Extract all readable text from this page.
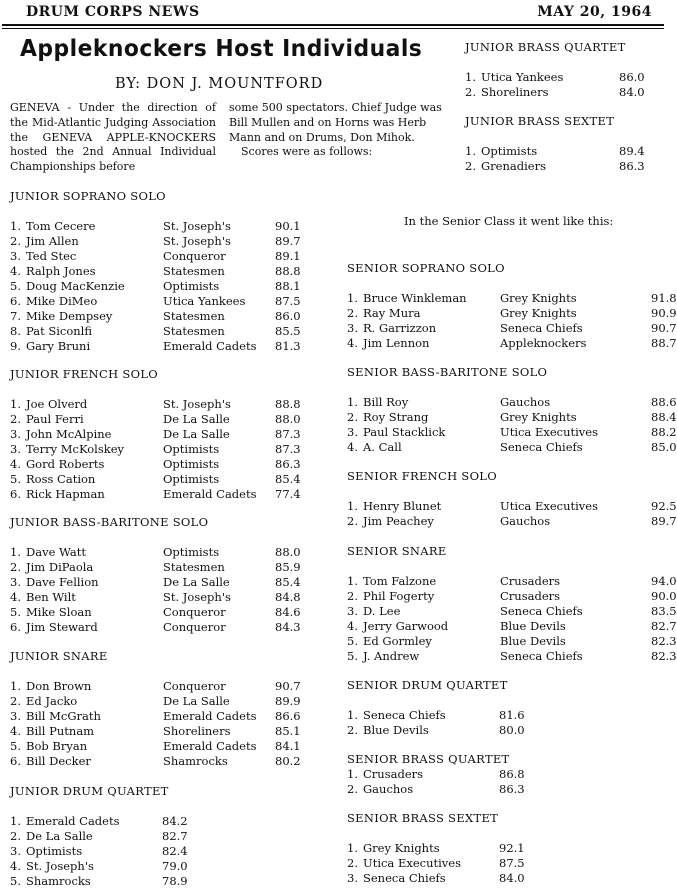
DRUM CORPS NEWS	MAY 20, 1964
Appleknockers Host Individuals
BY: DON J. MOUNTFORD
GENEVA - Under the direction of the Mid-Atlantic Judging Association the GENEVA APPLE-KNOCKERS hosted the 2nd Annual Individual Championships before
some 500 spectators. Chief Judge was Bill Mullen and on Horns was Herb Mann and on Drums, Don Mihok.
Scores were as follows:
In the Senior Class it went like this:
JUNIOR BRASS QUARTET
1. Utica Yankees	86.0
2. Shoreliners	84.0
JUNIOR BRASS SEXTET
1. Optimists	89.4
2. Grenadiers	86.3
JUNIOR SOPRANO SOLO
1. Tom Cecere	St. Joseph's	90.1
2. Jim Allen	St. Joseph's	89.7
3. Ted Stec	Conqueror	89.1
4. Ralph Jones	Statesmen	88.8
5. Doug MacKenzie	Optimists	88.1
6. Mike DiMeo	Utica Yankees	87.5
7. Mike Dempsey	Statesmen	86.0
8. Pat Siconlfi	Statesmen	85.5
9. Gary Bruni	Emerald Cadets 81.3
JUNIOR FRENCH SOLO
1. Joe Olverd	St. Joseph's	88.8
2. Paul Ferri	De La Salle	88.0
3. John McAlpine	De La Salle	87.3
3. Terry McKolskey	Optimists	87.3
4. Gord Roberts	Optimists	86.3
5. Ross Cation	Optimists	85.4
6. Rick Hapman	Emerald Cadets 77.4
JUNIOR BASS-BARITONE SOLO
1. Dave Watt	Optimists	88.0
2. Jim DiPaola	Statesmen	85.9
3. Dave Fellion	De La Salle	85.4
4. Ben Wilt	St. Joseph's	84.8
5. Mike Sloan	Conqueror	84.6
6. Jim Steward	Conqueror	84.3
JUNIOR SNARE
1. Don Brown	Conqueror	90.7
2. Ed Jacko	De La Salle	89.9
3. Bill McGrath	Emerald Cadets 86.6
4. Bill Putnam	Shoreliners	85.1
5. Bob Bryan	Emerald Cadets 84.1
6. Bill Decker	Shamrocks	80.2
JUNIOR DRUM QUARTET
1. Emerald Cadets	84.2
2. De La Salle	82.7
3. Optimists	82.4
4. St. Joseph's	79.0
5. Shamrocks	78.9
SENIOR SOPRANO SOLO
1. Bruce Winkleman	Grey Knights	91.8
2. Ray Mura	Grey Knights	90.9
3. R. Garrizzon	Seneca Chiefs	90.7
4. Jim Lennon	Appleknockers	88.7
SENIOR BASS-BARITONE SOLO
1. Bill Roy	Gauchos	88.6
2. Roy Strang	Grey Knights	88.4
3. Paul Stacklick	Utica Executives	88.2
4. A. Call	Seneca Chiefs	85.0
SENIOR FRENCH SOLO
1. Henry Blunet	Utica Executives	92.5
2. Jim Peachey	Gauchos	89.7
SENIOR SNARE
1. Tom Falzone	Crusaders	94.0
2. Phil Fogerty	Crusaders	90.0
3. D. Lee	Seneca Chiefs	83.5
4. Jerry Garwood	Blue Devils	82.7
5. Ed Gormley	Blue Devils	82.3
5. J. Andrew	Seneca Chiefs	82.3
SENIOR DRUM QUARTET
1. Seneca Chiefs	81.6
2. Blue Devils	80.0
SENIOR BRASS QUARTET
1. Crusaders	86.8
2. Gauchos	86.3
SENIOR BRASS SEXTET
1. Grey Knights	92.1
2. Utica Executives	87.5
3. Seneca Chiefs	84.0
